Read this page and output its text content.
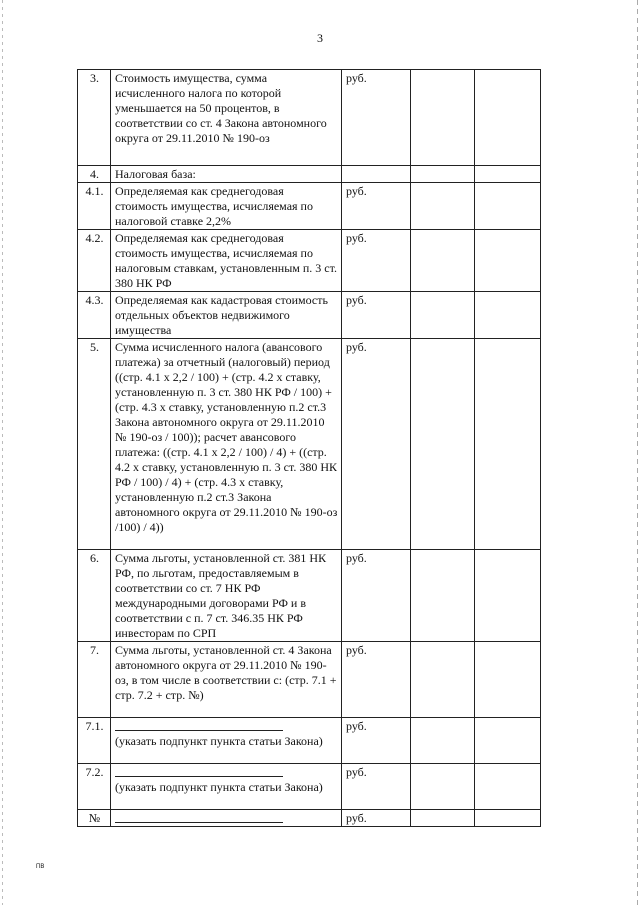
3
3.	Стоимость имущества, сумма исчисленного налога по которой уменьшается на 50 процентов, в соответствии со ст. 4 Закона автономного округа от 29.11.2010 № 190-оз	руб.		
4.	Налоговая база:			
4.1.	Определяемая как среднегодовая стоимость имущества, исчисляемая по налоговой ставке 2,2%	руб.		
4.2.	Определяемая как среднегодовая стоимость имущества, исчисляемая по налоговым ставкам, установленным п. 3 ст. 380 НК РФ	руб.		
4.3.	Определяемая как кадастровая стоимость отдельных объектов недвижимого имущества	руб.		
5.	Сумма исчисленного налога (авансового платежа) за отчетный (налоговый) период ((стр. 4.1 x 2,2 / 100) + (стр. 4.2 x ставку, установленную п. 3 ст. 380 НК РФ / 100) + (стр. 4.3 x ставку, установленную п.2 ст.3 Закона автономного округа от 29.11.2010 № 190-оз / 100)); расчет авансового платежа: ((стр. 4.1 x 2,2 / 100) / 4) + ((стр. 4.2 x ставку, установленную п. 3 ст. 380 НК РФ / 100) / 4) + (стр. 4.3 x ставку, установленную п.2 ст.3 Закона автономного округа от 29.11.2010 № 190-оз /100) / 4))	руб.		
6.	Сумма льготы, установленной ст. 381 НК РФ, по льготам, предоставляемым в соответствии со ст. 7 НК РФ международными договорами РФ и в соответствии с п. 7 ст. 346.35 НК РФ инвесторам по СРП	руб.		
7.	Сумма льготы, установленной ст. 4 Закона автономного округа от 29.11.2010 № 190-оз, в том числе в соответствии с: (стр. 7.1 + стр. 7.2 + стр. №)	руб.		
7.1.	(указать подпункт пункта статьи Закона)	руб.		
7.2.	(указать подпункт пункта статьи Закона)	руб.		
№		руб.		
ПВ
